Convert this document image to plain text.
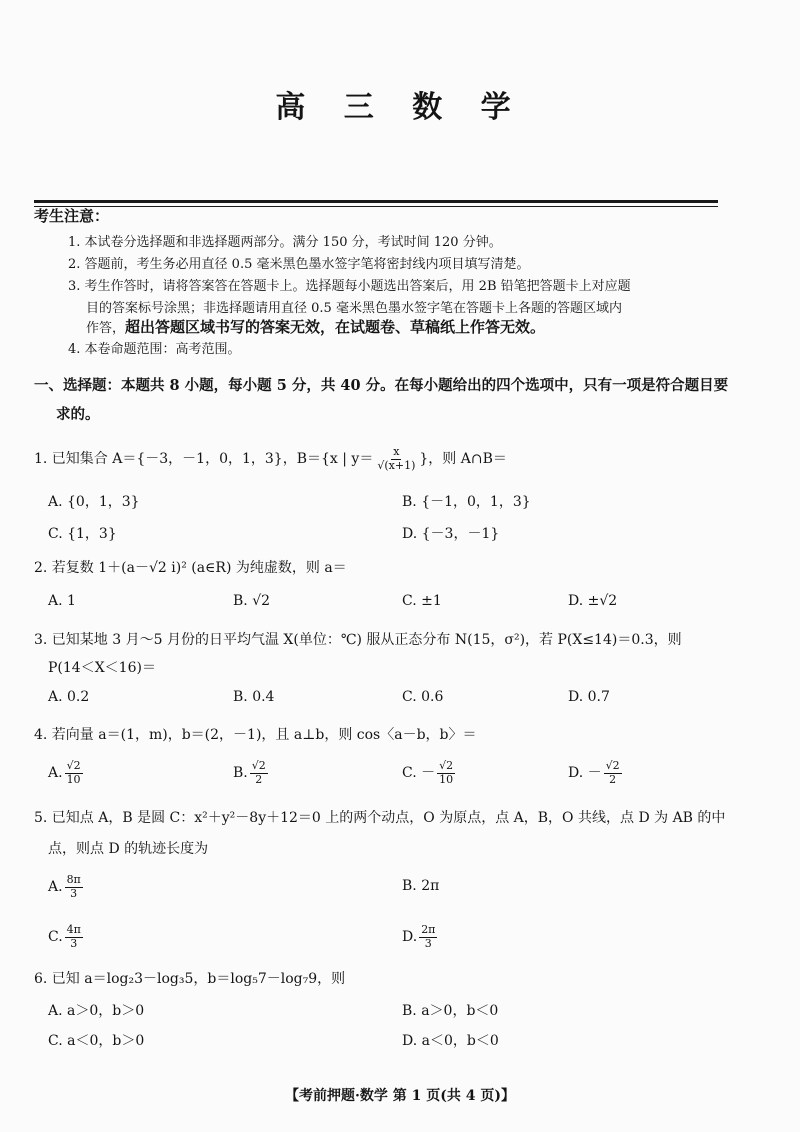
高 三 数 学
考生注意：
1. 本试卷分选择题和非选择题两部分。满分 150 分，考试时间 120 分钟。
2. 答题前，考生务必用直径 0.5 毫米黑色墨水签字笔将密封线内项目填写清楚。
3. 考生作答时，请将答案答在答题卡上。选择题每小题选出答案后，用 2B 铅笔把答题卡上对应题
目的答案标号涂黑；非选择题请用直径 0.5 毫米黑色墨水签字笔在答题卡上各题的答题区域内
作答，超出答题区域书写的答案无效，在试题卷、草稿纸上作答无效。
4. 本卷命题范围：高考范围。
一、选择题：本题共 8 小题，每小题 5 分，共 40 分。在每小题给出的四个选项中，只有一项是符合题目要
求的。
1. 已知集合 A＝{－3，－1，0，1，3}，B＝{x | $y= \frac{x}{√(x+1)}$ }，则 A∩B＝
A. {0，1，3}	B. {－1，0，1，3}
C. {1，3}	D. {－3，－1}
2. 若复数 1＋(a－√2 i)² (a∈R) 为纯虚数，则 a＝
A. 1	B. √2	C. ±1	D. ±√2
3. 已知某地 3 月～5 月份的日平均气温 X(单位：℃) 服从正态分布 N(15，σ²)，若 P(X≤14)＝0.3，则
P(14＜X＜16)＝
A. 0.2	B. 0.4	C. 0.6	D. 0.7
4. 若向量 a＝(1，m)，b＝(2，－1)，且 a⊥b，则 cos〈a－b，b〉＝
A. $\frac{√2}{10}$	B. $\frac{√2}{2}$	C. － $\frac{√2}{10}$	D. － $\frac{√2}{2}$
5. 已知点 A，B 是圆 C：x²＋y²－8y＋12＝0 上的两个动点，O 为原点，点 A，B，O 共线，点 D 为 AB 的中
点，则点 D 的轨迹长度为
A. $\frac{8\pi}{3}$	B. 2π
C. $\frac{4\pi}{3}$	D. $\frac{2\pi}{3}$
6. 已知 a＝log₂3－log₃5，b＝log₅7－log₇9，则
A. a＞0，b＞0	B. a＞0，b＜0
C. a＜0，b＞0	D. a＜0，b＜0
【考前押题·数学 第 1 页(共 4 页)】
